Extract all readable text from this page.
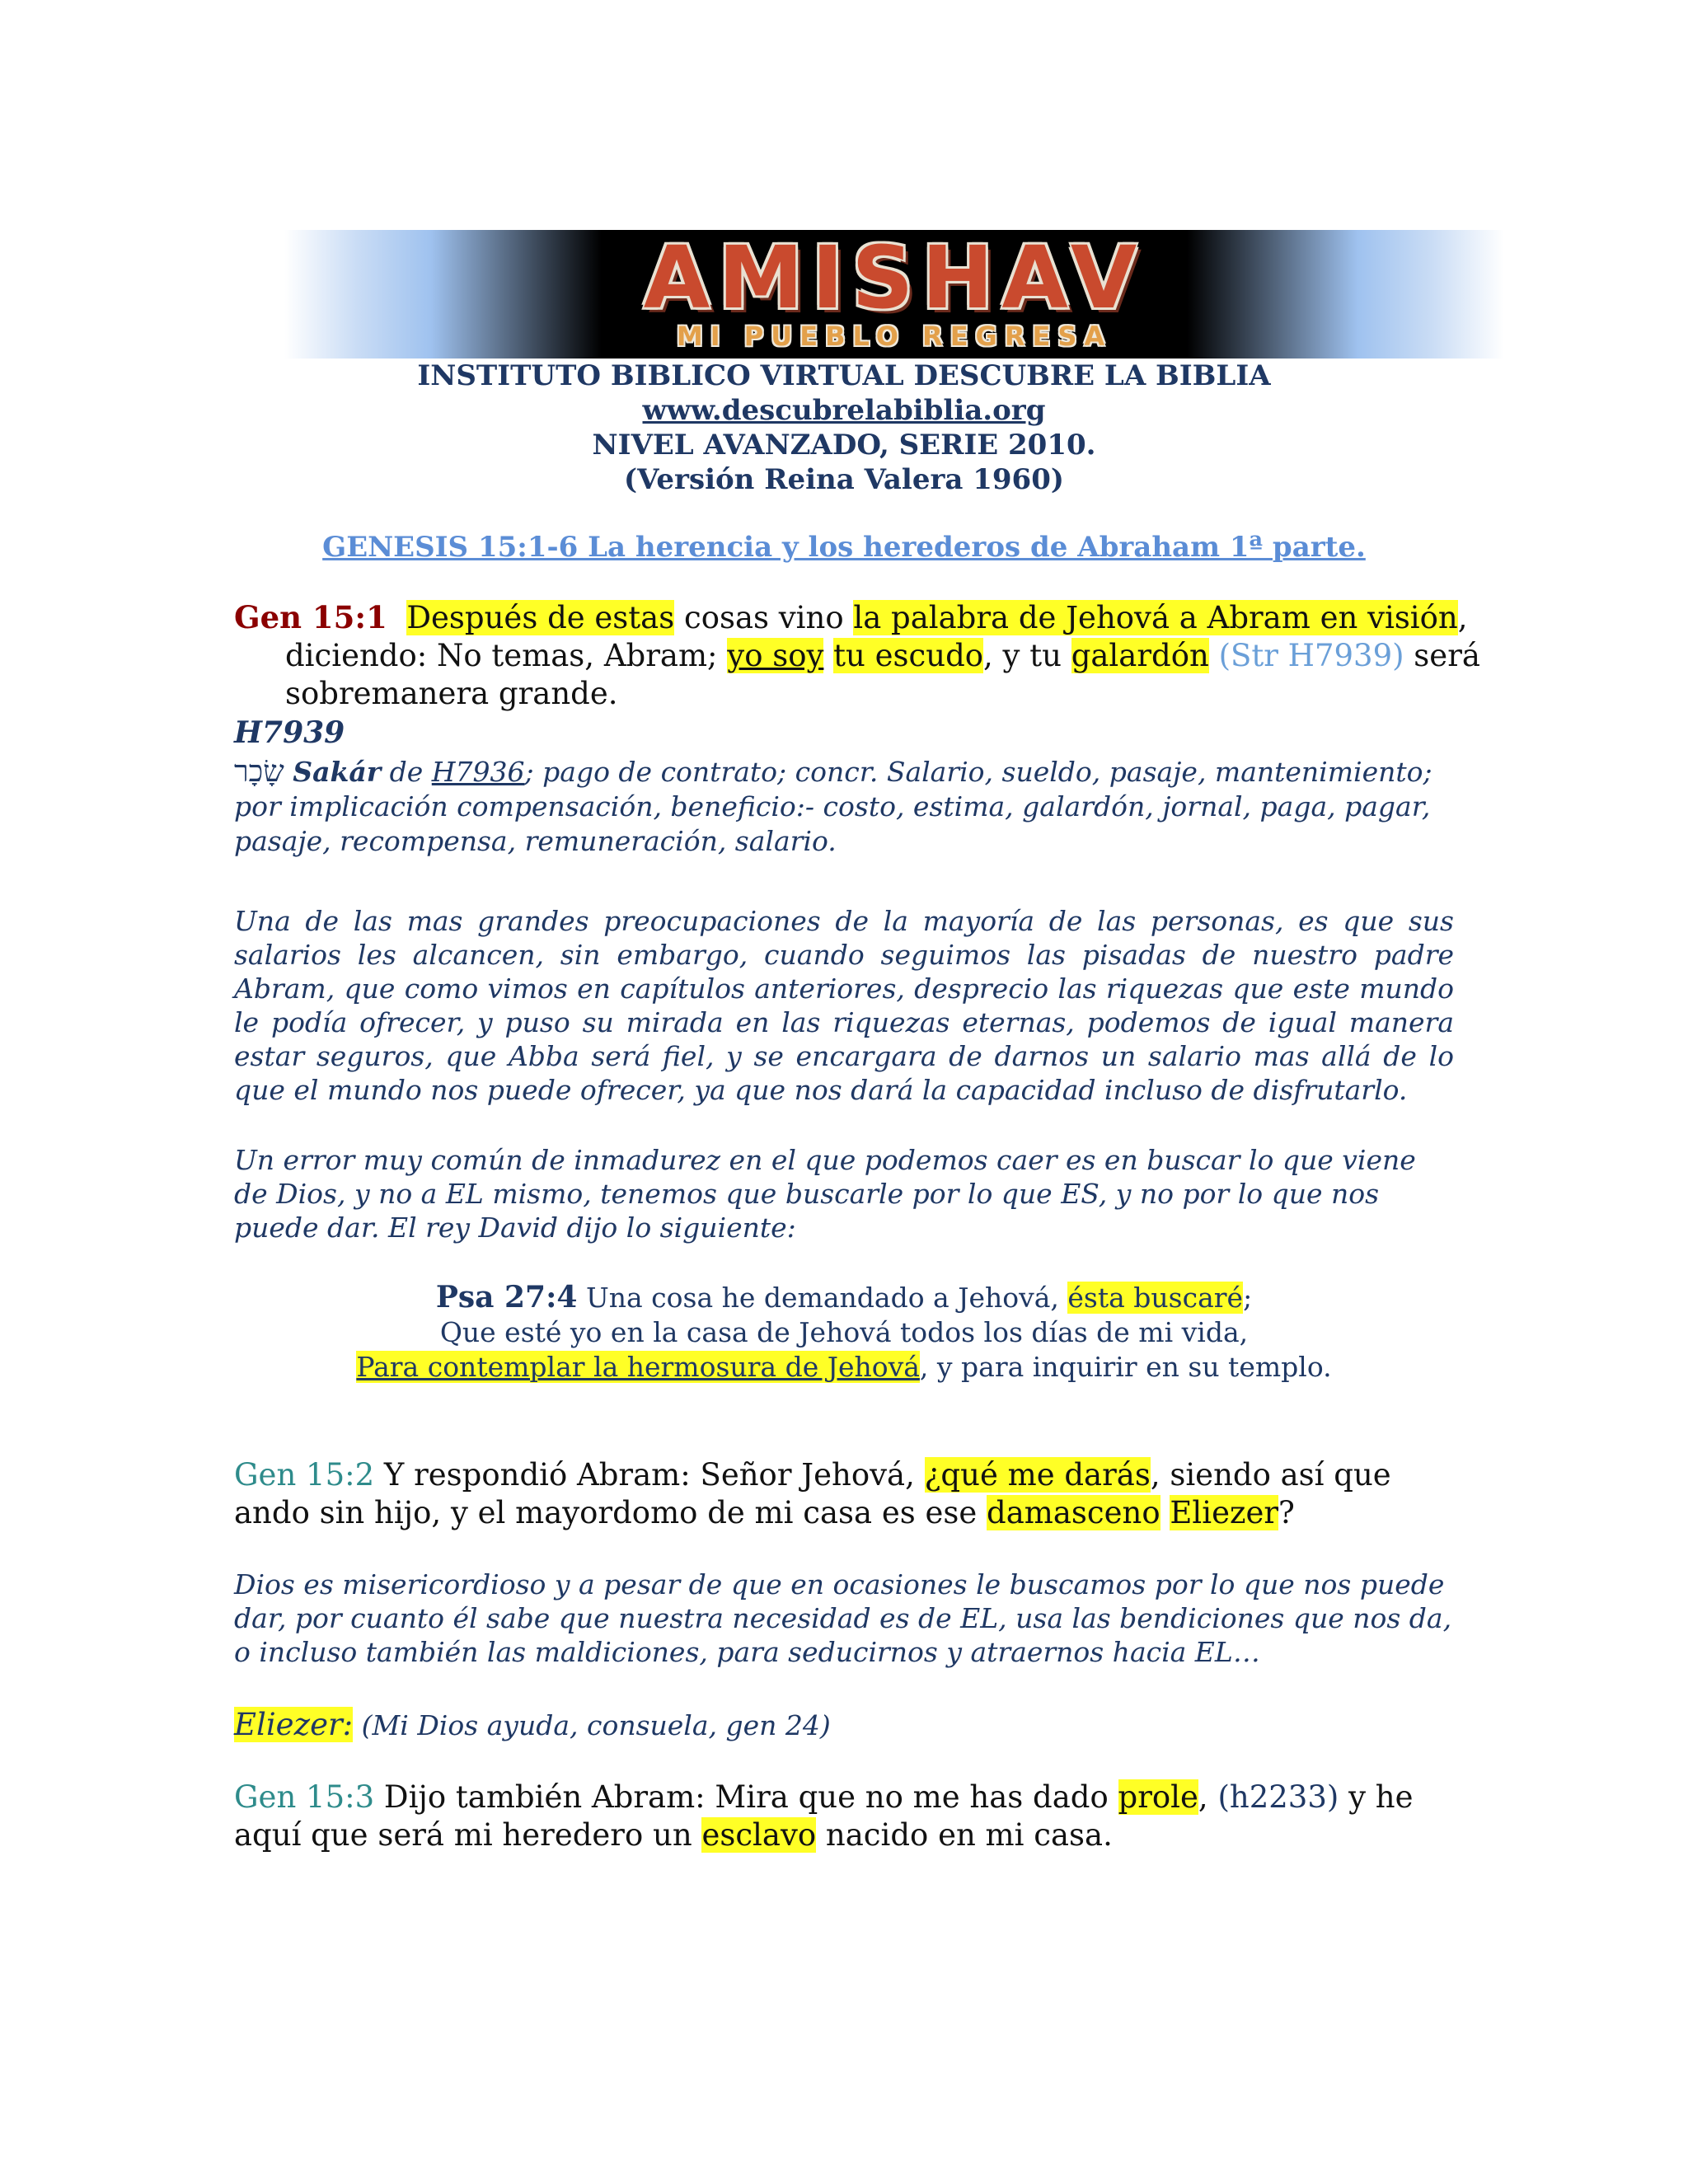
AMISHAV
MI PUEBLO REGRESA
INSTITUTO BIBLICO VIRTUAL DESCUBRE LA BIBLIA
www.descubrelabiblia.org
NIVEL AVANZADO, SERIE 2010.
(Versión Reina Valera 1960)
GENESIS 15:1-6 La herencia y los herederos de Abraham 1ª parte.
Gen 15:1 Después de estas cosas vino la palabra de Jehová a Abram en visión, diciendo: No temas, Abram; yo soy tu escudo, y tu galardón (Str H7939) será sobremanera grande.
H7939
שָׂכָר Sakár de H7936; pago de contrato; concr. Salario, sueldo, pasaje, mantenimiento; por implicación compensación, beneficio:- costo, estima, galardón, jornal, paga, pagar, pasaje, recompensa, remuneración, salario.
Una de las mas grandes preocupaciones de la mayoría de las personas, es que sus salarios les alcancen, sin embargo, cuando seguimos las pisadas de nuestro padre Abram, que como vimos en capítulos anteriores, desprecio las riquezas que este mundo le podía ofrecer, y puso su mirada en las riquezas eternas, podemos de igual manera estar seguros, que Abba será fiel, y se encargara de darnos un salario mas allá de lo que el mundo nos puede ofrecer, ya que nos dará la capacidad incluso de disfrutarlo.
Un error muy común de inmadurez en el que podemos caer es en buscar lo que viene de Dios, y no a EL mismo, tenemos que buscarle por lo que ES, y no por lo que nos puede dar. El rey David dijo lo siguiente:
Psa 27:4 Una cosa he demandado a Jehová, ésta buscaré;
Que esté yo en la casa de Jehová todos los días de mi vida,
Para contemplar la hermosura de Jehová, y para inquirir en su templo.
Gen 15:2 Y respondió Abram: Señor Jehová, ¿qué me darás, siendo así que ando sin hijo, y el mayordomo de mi casa es ese damasceno Eliezer?
Dios es misericordioso y a pesar de que en ocasiones le buscamos por lo que nos puede dar, por cuanto él sabe que nuestra necesidad es de EL, usa las bendiciones que nos da, o incluso también las maldiciones, para seducirnos y atraernos hacia EL…
Eliezer: (Mi Dios ayuda, consuela, gen 24)
Gen 15:3 Dijo también Abram: Mira que no me has dado prole, (h2233) y he aquí que será mi heredero un esclavo nacido en mi casa.
